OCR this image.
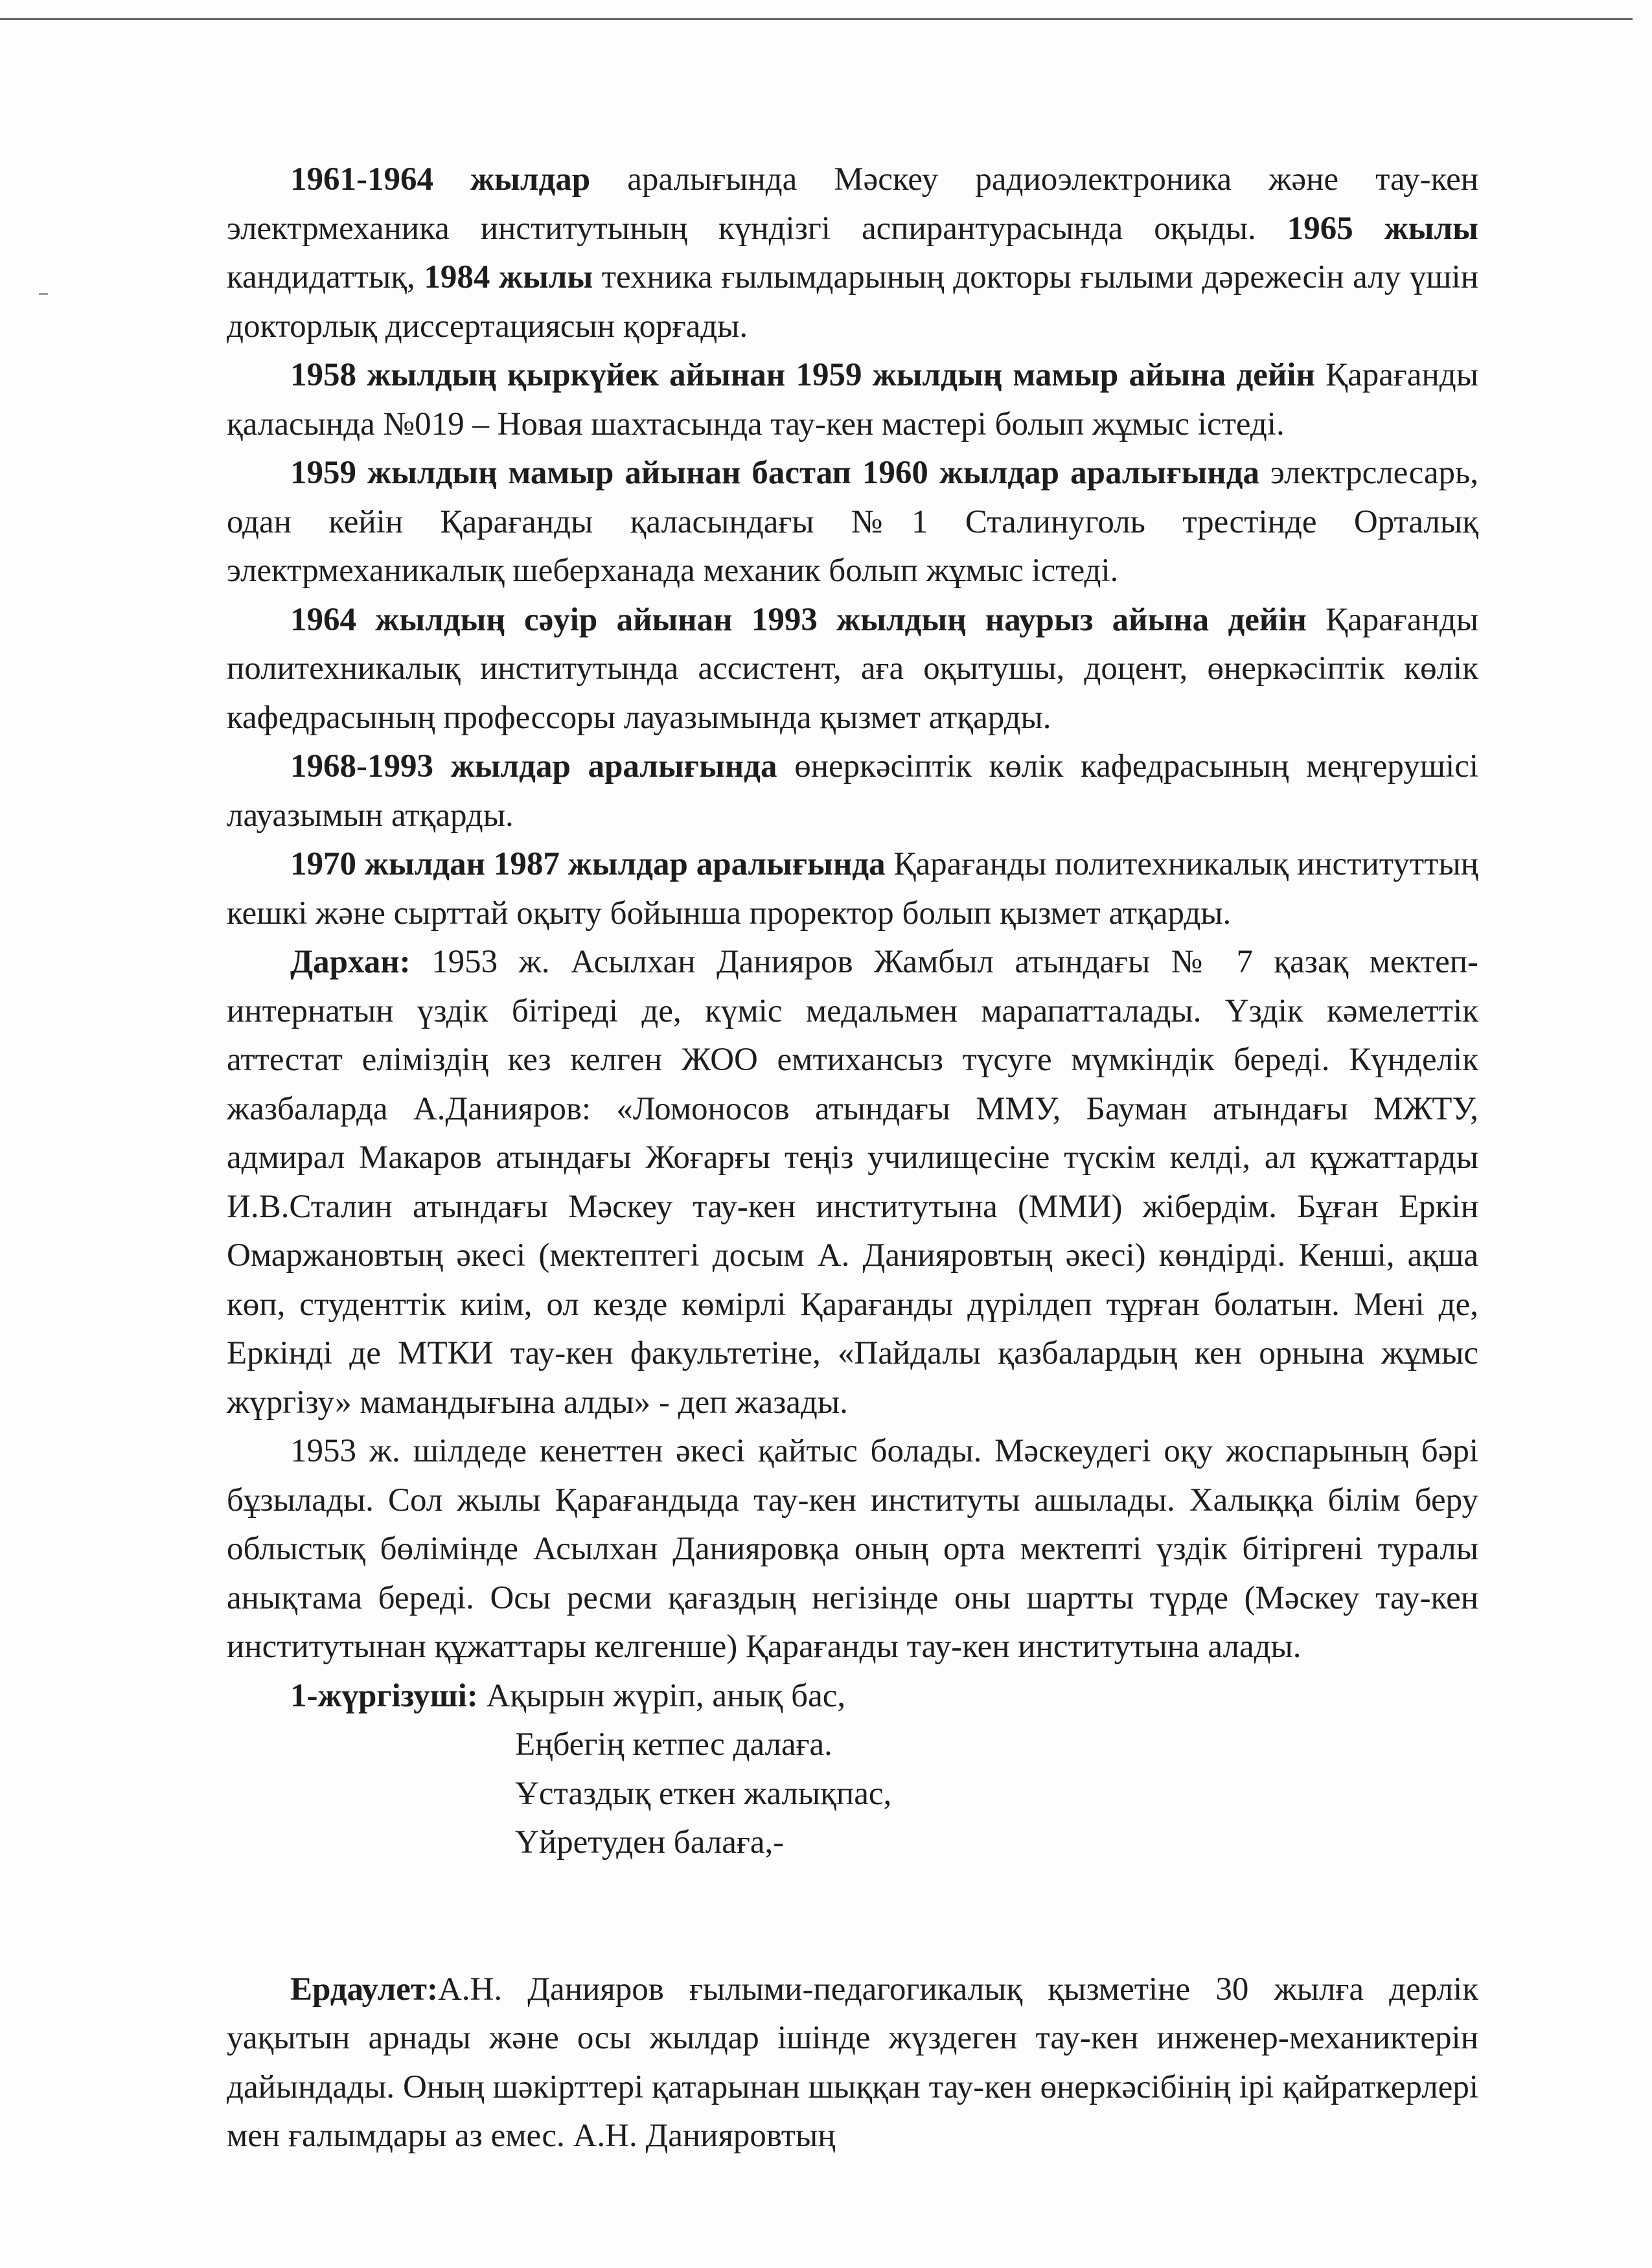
1961-1964 жылдар аралығында Мәскеу радиоэлектроника және тау-кен электрмеханика институтының күндізгі аспирантурасында оқыды. 1965 жылы кандидаттық, 1984 жылы техника ғылымдарының докторы ғылыми дәрежесін алу үшін докторлық диссертациясын қорғады.

1958 жылдың қыркүйек айынан 1959 жылдың мамыр айына дейін Қарағанды қаласында №019 – Новая шахтасында тау-кен мастері болып жұмыс істеді.

1959 жылдың мамыр айынан бастап 1960 жылдар аралығында электрслесарь, одан кейін Қарағанды қаласындағы №1 Сталинуголь трестінде Орталық электрмеханикалық шеберханада механик болып жұмыс істеді.

1964 жылдың сәуір айынан 1993 жылдың наурыз айына дейін Қарағанды политехникалық институтында ассистент, аға оқытушы, доцент, өнеркәсіптік көлік кафедрасының профессоры лауазымында қызмет атқарды.

1968-1993 жылдар аралығында өнеркәсіптік көлік кафедрасының меңгерушісі лауазымын атқарды.

1970 жылдан 1987 жылдар аралығында Қарағанды политехникалық институттың кешкі және сырттай оқыту бойынша проректор болып қызмет атқарды.

Дархан: 1953 ж. Асылхан Данияров Жамбыл атындағы № 7 қазақ мектеп-интернатын үздік бітіреді де, күміс медальмен марапатталады. Үздік кәмелеттік аттестат еліміздің кез келген ЖОО емтихансыз түсуге мүмкіндік береді. Күнделік жазбаларда А.Данияров: «Ломоносов атындағы ММУ, Бауман атындағы МЖТУ, адмирал Макаров атындағы Жоғарғы теңіз училищесіне түскім келді, ал құжаттарды И.В.Сталин атындағы Мәскеу тау-кен институтына (ММИ) жібердім. Бұған Еркін Омаржановтың әкесі (мектептегі досым А. Данияровтың әкесі) көндірді. Кенші, ақша көп, студенттік киім, ол кезде көмірлі Қарағанды дүрілдеп тұрған болатын. Мені де, Еркінді де МТКИ тау-кен факультетіне, «Пайдалы қазбалардың кен орнына жұмыс жүргізу» мамандығына алды» - деп жазады.

1953 ж. шілдеде кенеттен әкесі қайтыс болады. Мәскеудегі оқу жоспарының бәрі бұзылады. Сол жылы Қарағандыда тау-кен институты ашылады. Халыққа білім беру облыстық бөлімінде Асылхан Данияровқа оның орта мектепті үздік бітіргені туралы анықтама береді. Осы ресми қағаздың негізінде оны шартты түрде (Мәскеу тау-кен институтынан құжаттары келгенше) Қарағанды тау-кен институтына алады.

1-жүргізуші: Ақырын жүріп, анық бас,
Еңбегің кетпес далаға.
Ұстаздық еткен жалықпас,
Үйретуден балаға,-

Ердаулет:А.Н. Данияров ғылыми-педагогикалық қызметіне 30 жылға дерлік уақытын арнады және осы жылдар ішінде жүздеген тау-кен инженер-механиктерін дайындады. Оның шәкірттері қатарынан шыққан тау-кен өнеркәсібінің ірі қайраткерлері мен ғалымдары аз емес. А.Н. Данияровтың
